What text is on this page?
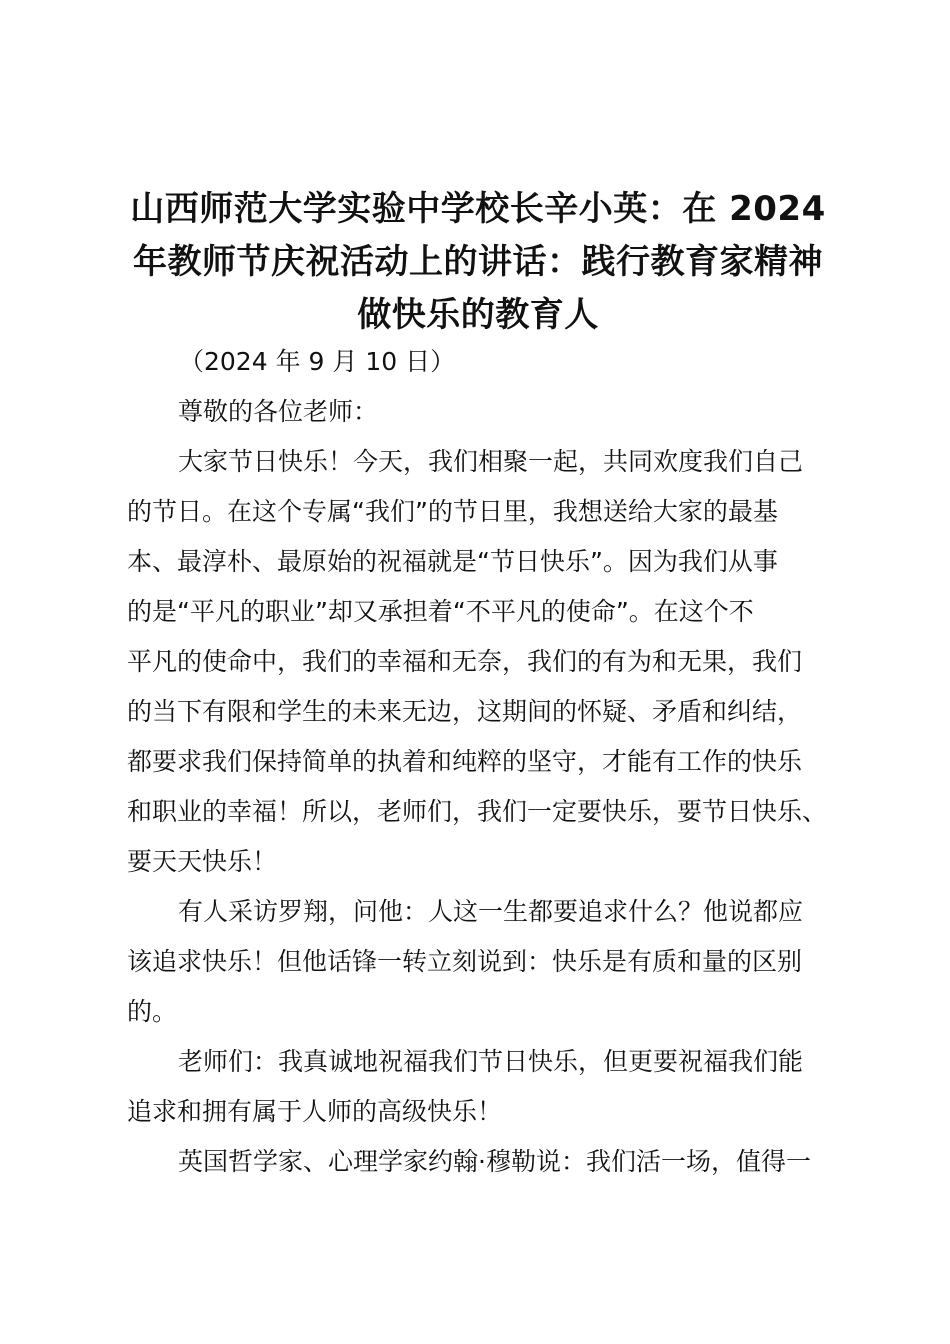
山西师范大学实验中学校长辛小英：在 2024
年教师节庆祝活动上的讲话：践行教育家精神
做快乐的教育人
（2024 年 9 月 10 日）
尊敬的各位老师：
大家节日快乐！今天，我们相聚一起，共同欢度我们自己
的节日。在这个专属“我们”的节日里，我想送给大家的最基
本、最淳朴、最原始的祝福就是“节日快乐”。因为我们从事
的是“平凡的职业”却又承担着“不平凡的使命”。在这个不
平凡的使命中，我们的幸福和无奈，我们的有为和无果，我们
的当下有限和学生的未来无边，这期间的怀疑、矛盾和纠结，
都要求我们保持简单的执着和纯粹的坚守，才能有工作的快乐
和职业的幸福！所以，老师们，我们一定要快乐，要节日快乐、
要天天快乐！
有人采访罗翔，问他：人这一生都要追求什么？他说都应
该追求快乐！但他话锋一转立刻说到：快乐是有质和量的区别
的。
老师们：我真诚地祝福我们节日快乐，但更要祝福我们能
追求和拥有属于人师的高级快乐！
英国哲学家、心理学家约翰·穆勒说：我们活一场，值得一
